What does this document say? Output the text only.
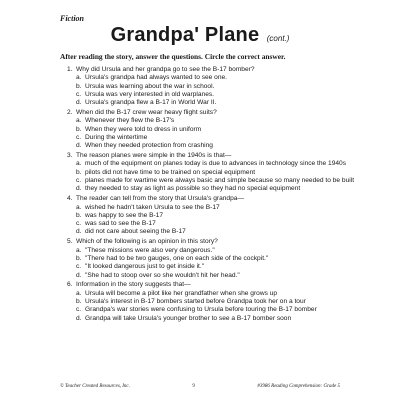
Fiction
Grandpa' Plane (cont.)
After reading the story, answer the questions. Circle the correct answer.
1. Why did Ursula and her grandpa go to see the B-17 bomber?
a. Ursula's grandpa had always wanted to see one.
b. Ursula was learning about the war in school.
c. Ursula was very interested in old warplanes.
d. Ursula's grandpa flew a B-17 in World War II.
2. When did the B-17 crew wear heavy flight suits?
a. Whenever they flew the B-17's
b. When they were told to dress in uniform
c. During the wintertime
d. When they needed protection from crashing
3. The reason planes were simple in the 1940s is that—
a. much of the equipment on planes today is due to advances in technology since the 1940s
b. pilots did not have time to be trained on special equipment
c. planes made for wartime were always basic and simple because so many needed to be built
d. they needed to stay as light as possible so they had no special equipment
4. The reader can tell from the story that Ursula's grandpa—
a. wished he hadn't taken Ursula to see the B-17
b. was happy to see the B-17
c. was sad to see the B-17
d. did not care about seeing the B-17
5. Which of the following is an opinion in this story?
a. "These missions were also very dangerous."
b. "There had to be two gauges, one on each side of the cockpit."
c. "It looked dangerous just to get inside it."
d. "She had to stoop over so she wouldn't hit her head."
6. Information in the story suggests that—
a. Ursula will become a pilot like her grandfather when she grows up
b. Ursula's interest in B-17 bombers started before Grandpa took her on a tour
c. Grandpa's war stories were confusing to Ursula before touring the B-17 bomber
d. Grandpa will take Ursula's younger brother to see a B-17 bomber soon
© Teacher Created Resources, Inc.	9	#3986 Reading Comprehension: Grade 5
